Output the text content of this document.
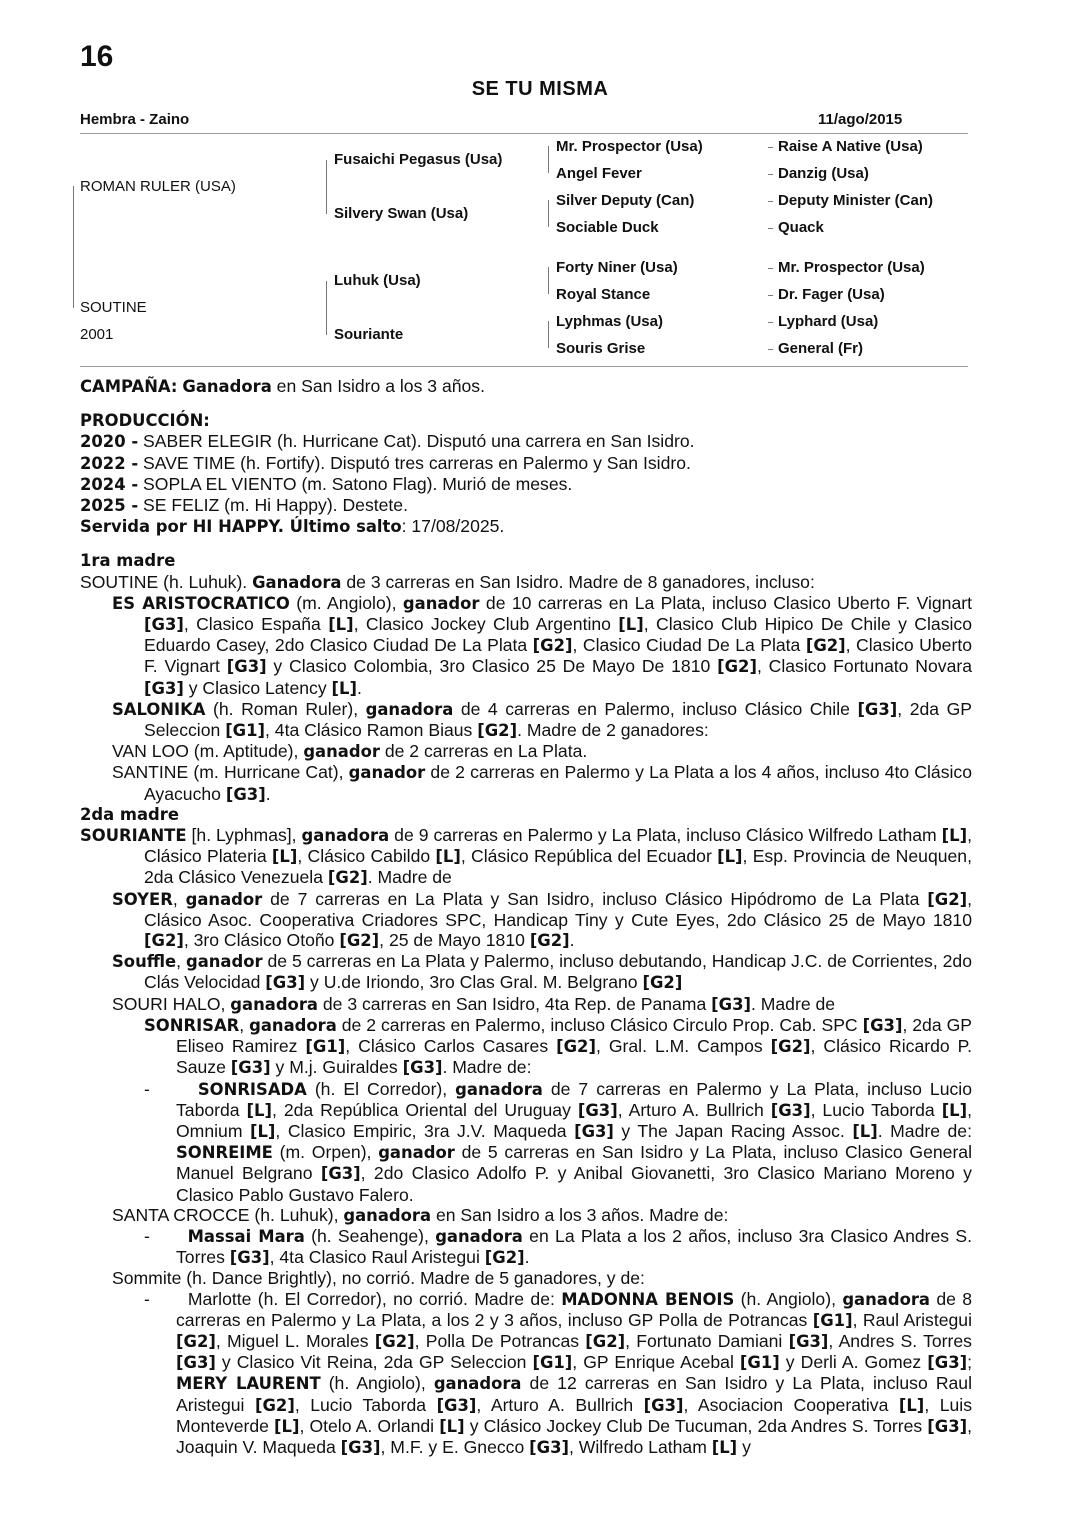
16
SE TU MISMA
Hembra - Zaino	11/ago/2015
ROMAN RULER (USA)
SOUTINE
2001
Fusaichi Pegasus (Usa)
Silvery Swan (Usa)
Luhuk (Usa)
Souriante
Mr. Prospector (Usa)
Angel Fever
Silver Deputy (Can)
Sociable Duck
Forty Niner (Usa)
Royal Stance
Lyphmas (Usa)
Souris Grise
Raise A Native (Usa)
Danzig (Usa)
Deputy Minister (Can)
Quack
Mr. Prospector (Usa)
Dr. Fager (Usa)
Lyphard (Usa)
General (Fr)

CAMPAÑA: Ganadora en San Isidro a los 3 años.

PRODUCCIÓN:

2020 - SABER ELEGIR (h. Hurricane Cat). Disputó una carrera en San Isidro.

2022 - SAVE TIME (h. Fortify). Disputó tres carreras en Palermo y San Isidro.

2024 - SOPLA EL VIENTO (m. Satono Flag). Murió de meses.

2025 - SE FELIZ (m. Hi Happy). Destete.

Servida por HI HAPPY. Último salto: 17/08/2025.

1ra madre

SOUTINE (h. Luhuk). Ganadora de 3 carreras en San Isidro. Madre de 8 ganadores, incluso:

ES ARISTOCRATICO (m. Angiolo), ganador de 10 carreras en La Plata, incluso Clasico Uberto F. Vignart [G3], Clasico España [L], Clasico Jockey Club Argentino [L], Clasico Club Hipico De Chile y Clasico Eduardo Casey, 2do Clasico Ciudad De La Plata [G2], Clasico Ciudad De La Plata [G2], Clasico Uberto F. Vignart [G3] y Clasico Colombia, 3ro Clasico 25 De Mayo De 1810 [G2], Clasico Fortunato Novara [G3] y Clasico Latency [L].

SALONIKA (h. Roman Ruler), ganadora de 4 carreras en Palermo, incluso Clásico Chile [G3], 2da GP Seleccion [G1], 4ta Clásico Ramon Biaus [G2]. Madre de 2 ganadores:

VAN LOO (m. Aptitude), ganador de 2 carreras en La Plata.

SANTINE (m. Hurricane Cat), ganador de 2 carreras en Palermo y La Plata a los 4 años, incluso 4to Clásico Ayacucho [G3].

2da madre

SOURIANTE [h. Lyphmas], ganadora de 9 carreras en Palermo y La Plata, incluso Clásico Wilfredo Latham [L], Clásico Plateria [L], Clásico Cabildo [L], Clásico República del Ecuador [L], Esp. Provincia de Neuquen, 2da Clásico Venezuela [G2]. Madre de

SOYER, ganador de 7 carreras en La Plata y San Isidro, incluso Clásico Hipódromo de La Plata [G2], Clásico Asoc. Cooperativa Criadores SPC, Handicap Tiny y Cute Eyes, 2do Clásico 25 de Mayo 1810 [G2], 3ro Clásico Otoño [G2], 25 de Mayo 1810 [G2].

Souffle, ganador de 5 carreras en La Plata y Palermo, incluso debutando, Handicap J.C. de Corrientes, 2do Clás Velocidad [G3] y U.de Iriondo, 3ro Clas Gral. M. Belgrano [G2]

SOURI HALO, ganadora de 3 carreras en San Isidro, 4ta Rep. de Panama [G3]. Madre de

SONRISAR, ganadora de 2 carreras en Palermo, incluso Clásico Circulo Prop. Cab. SPC [G3], 2da GP Eliseo Ramirez [G1], Clásico Carlos Casares [G2], Gral. L.M. Campos [G2], Clásico Ricardo P. Sauze [G3] y M.j. Guiraldes [G3]. Madre de:

-      SONRISADA (h. El Corredor), ganadora de 7 carreras en Palermo y La Plata, incluso Lucio Taborda [L], 2da República Oriental del Uruguay [G3], Arturo A. Bullrich [G3], Lucio Taborda [L], Omnium [L], Clasico Empiric, 3ra J.V. Maqueda [G3] y The Japan Racing Assoc. [L]. Madre de: SONREIME (m. Orpen), ganador de 5 carreras en San Isidro y La Plata, incluso Clasico General Manuel Belgrano [G3], 2do Clasico Adolfo P. y Anibal Giovanetti, 3ro Clasico Mariano Moreno y Clasico Pablo Gustavo Falero.

SANTA CROCCE (h. Luhuk), ganadora en San Isidro a los 3 años. Madre de:

-      Massai Mara (h. Seahenge), ganadora en La Plata a los 2 años, incluso 3ra Clasico Andres S. Torres [G3], 4ta Clasico Raul Aristegui [G2].

Sommite (h. Dance Brightly), no corrió. Madre de 5 ganadores, y de:

-      Marlotte (h. El Corredor), no corrió. Madre de: MADONNA BENOIS (h. Angiolo), ganadora de 8 carreras en Palermo y La Plata, a los 2 y 3 años, incluso GP Polla de Potrancas [G1], Raul Aristegui [G2], Miguel L. Morales [G2], Polla De Potrancas [G2], Fortunato Damiani [G3], Andres S. Torres [G3] y Clasico Vit Reina, 2da GP Seleccion [G1], GP Enrique Acebal [G1] y Derli A. Gomez [G3]; MERY LAURENT (h. Angiolo), ganadora de 12 carreras en San Isidro y La Plata, incluso Raul Aristegui [G2], Lucio Taborda [G3], Arturo A. Bullrich [G3], Asociacion Cooperativa [L], Luis Monteverde [L], Otelo A. Orlandi [L] y Clásico Jockey Club De Tucuman, 2da Andres S. Torres [G3], Joaquin V. Maqueda [G3], M.F. y E. Gnecco [G3], Wilfredo Latham [L] y
